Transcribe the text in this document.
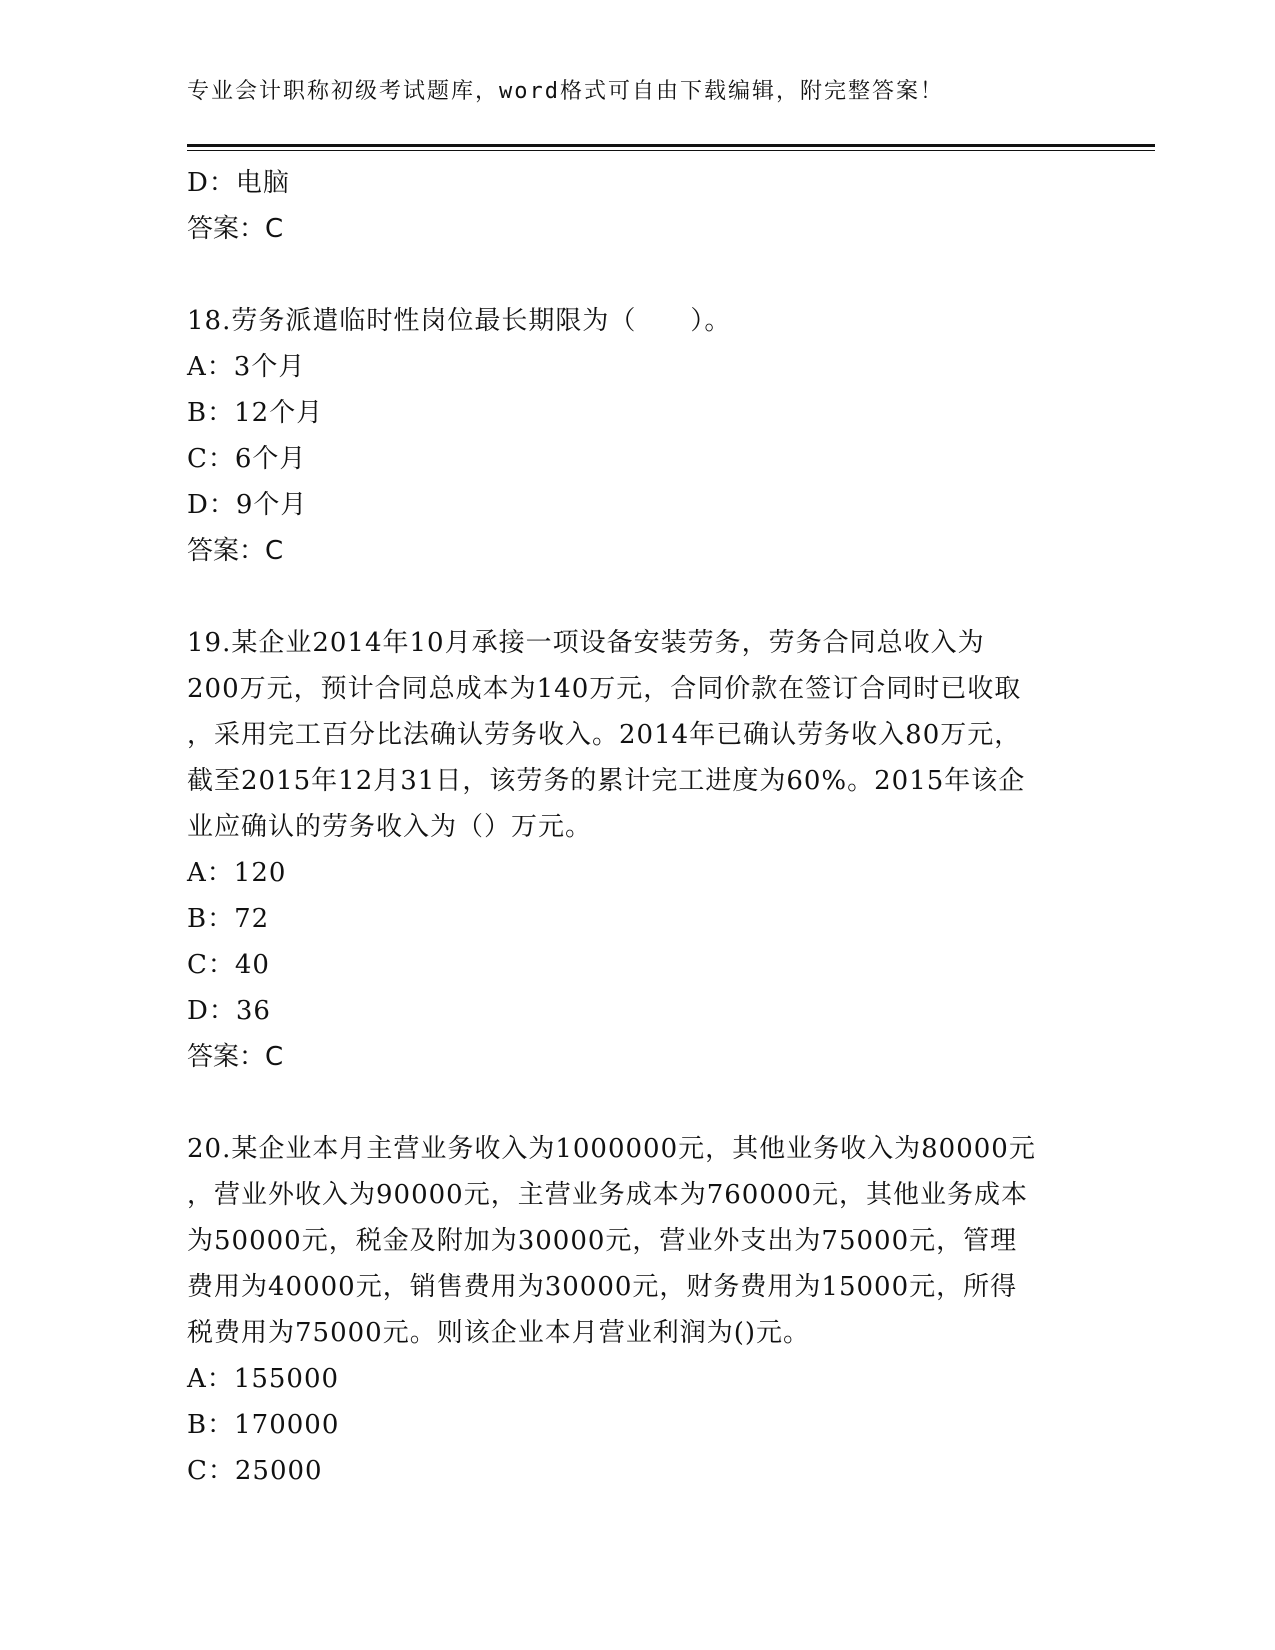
专业会计职称初级考试题库，word格式可自由下载编辑，附完整答案！
D：电脑
答案：C
18.劳务派遣临时性岗位最长期限为（　　）。
A：3个月
B：12个月
C：6个月
D：9个月
答案：C
19.某企业2014年10月承接一项设备安装劳务，劳务合同总收入为
200万元，预计合同总成本为140万元，合同价款在签订合同时已收取
，采用完工百分比法确认劳务收入。2014年已确认劳务收入80万元，
截至2015年12月31日，该劳务的累计完工进度为60%。2015年该企
业应确认的劳务收入为（）万元。
A：120
B：72
C：40
D：36
答案：C
20.某企业本月主营业务收入为1000000元，其他业务收入为80000元
，营业外收入为90000元，主营业务成本为760000元，其他业务成本
为50000元，税金及附加为30000元，营业外支出为75000元，管理
费用为40000元，销售费用为30000元，财务费用为15000元，所得
税费用为75000元。则该企业本月营业利润为()元。
A：155000
B：170000
C：25000
